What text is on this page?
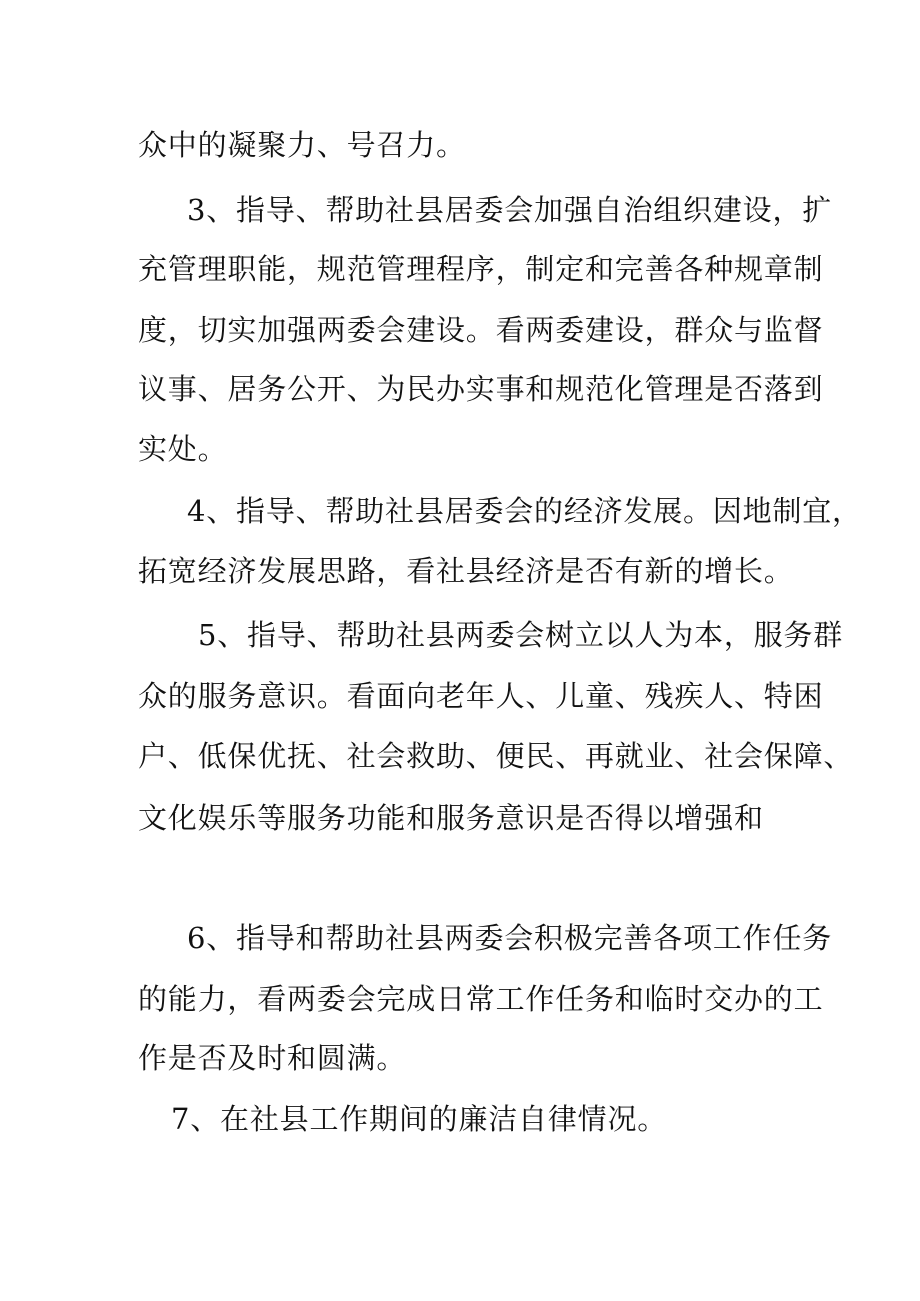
众中的凝聚力、号召力。
3、指导、帮助社县居委会加强自治组织建设，扩
充管理职能，规范管理程序，制定和完善各种规章制
度，切实加强两委会建设。看两委建设，群众与监督
议事、居务公开、为民办实事和规范化管理是否落到
实处。
4、指导、帮助社县居委会的经济发展。因地制宜，
拓宽经济发展思路，看社县经济是否有新的增长。
5、指导、帮助社县两委会树立以人为本，服务群
众的服务意识。看面向老年人、儿童、残疾人、特困
户、低保优抚、社会救助、便民、再就业、社会保障、
文化娱乐等服务功能和服务意识是否得以增强和
6、指导和帮助社县两委会积极完善各项工作任务
的能力，看两委会完成日常工作任务和临时交办的工
作是否及时和圆满。
7、在社县工作期间的廉洁自律情况。
